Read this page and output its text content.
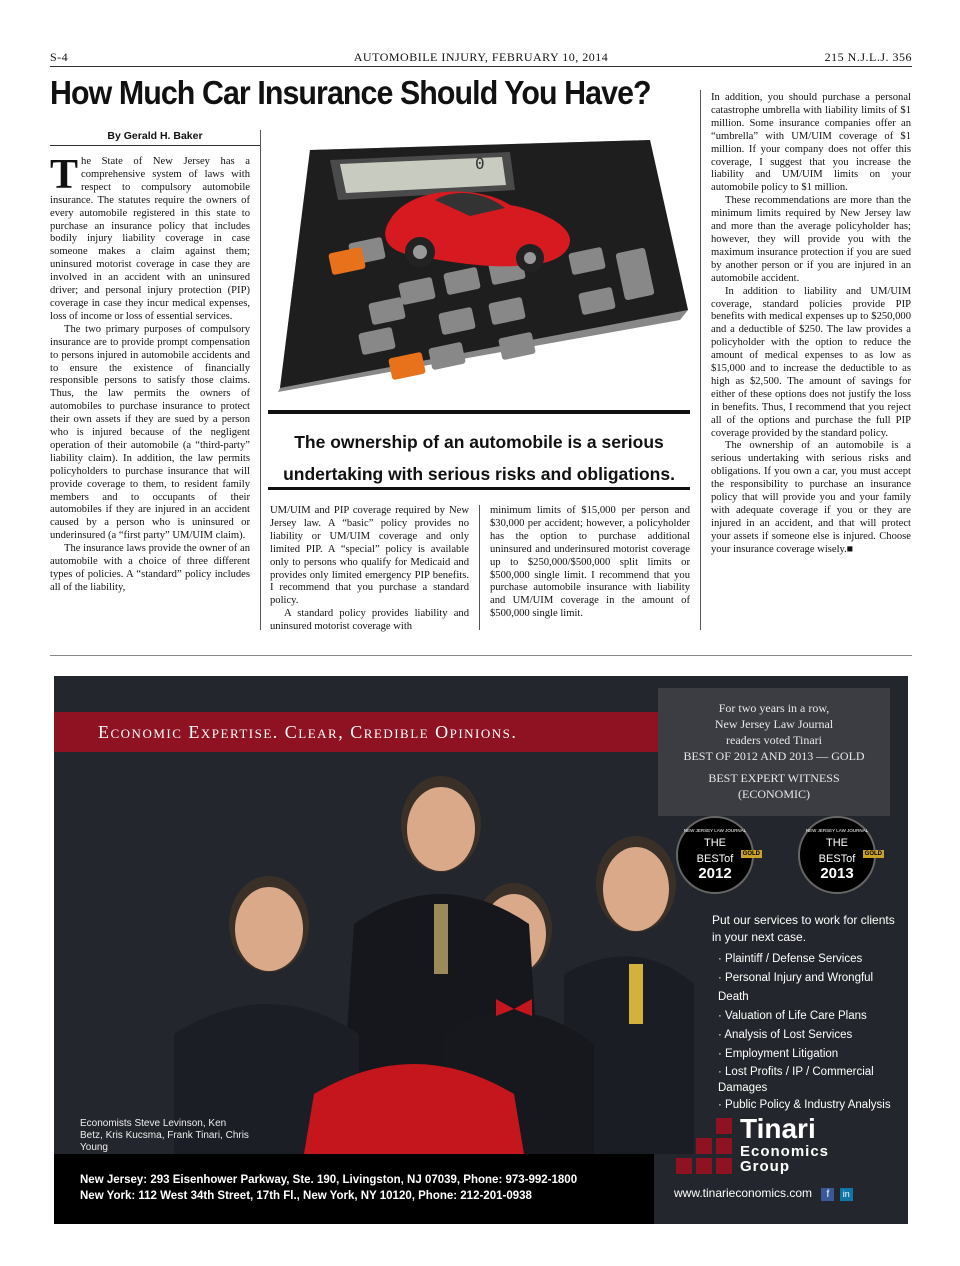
S-4	AUTOMOBILE INJURY, FEBRUARY 10, 2014	215 N.J.L.J. 356
How Much Car Insurance Should You Have?
By Gerald H. Baker

The State of New Jersey has a comprehensive system of laws with respect to compulsory automobile insurance. The statutes require the owners of every automobile registered in this state to purchase an insurance policy that includes bodily injury liability coverage in case someone makes a claim against them; uninsured motorist coverage in case they are involved in an accident with an uninsured driver; and personal injury protection (PIP) coverage in case they incur medical expenses, loss of income or loss of essential services.

The two primary purposes of compulsory insurance are to provide prompt compensation to persons injured in automobile accidents and to ensure the existence of financially responsible persons to satisfy those claims. Thus, the law permits the owners of automobiles to purchase insurance to protect their own assets if they are sued by a person who is injured because of the negligent operation of their automobile (a “third-party” liability claim). In addition, the law permits policyholders to purchase insurance that will provide coverage to them, to resident family members and to occupants of their automobiles if they are injured in an accident caused by a person who is uninsured or underinsured (a “first party” UM/UIM claim).

The insurance laws provide the owner of an automobile with a choice of three different types of policies. A “standard” policy includes all of the liability,

0
The ownership of an automobile is a serious undertaking with serious risks and obligations.

UM/UIM and PIP coverage required by New Jersey law. A “basic” policy provides no liability or UM/UIM coverage and only limited PIP. A “special” policy is available only to persons who qualify for Medicaid and provides only limited emergency PIP benefits. I recommend that you purchase a standard policy.

A standard policy provides liability and uninsured motorist coverage with

minimum limits of $15,000 per person and $30,000 per accident; however, a policyholder has the option to purchase additional uninsured and underinsured motorist coverage up to $250,000/$500,000 split limits or $500,000 single limit. I recommend that you purchase automobile insurance with liability and UM/UIM coverage in the amount of $500,000 single limit.

In addition, you should purchase a personal catastrophe umbrella with liability limits of $1 million. Some insurance companies offer an “umbrella” with UM/UIM coverage of $1 million. If your company does not offer this coverage, I suggest that you increase the liability and UM/UIM limits on your automobile policy to $1 million.

These recommendations are more than the minimum limits required by New Jersey law and more than the average policyholder has; however, they will provide you with the maximum insurance protection if you are sued by another person or if you are injured in an automobile accident.

In addition to liability and UM/UIM coverage, standard policies provide PIP benefits with medical expenses up to $250,000 and a deductible of $250. The law provides a policyholder with the option to reduce the amount of medical expenses to as low as $15,000 and to increase the deductible to as high as $2,500. The amount of savings for either of these options does not justify the loss in benefits. Thus, I recommend that you reject all of the options and purchase the full PIP coverage provided by the standard policy.

The ownership of an automobile is a serious undertaking with serious risks and obligations. If you own a car, you must accept the responsibility to purchase an insurance policy that will provide you and your family with adequate coverage if you or they are injured in an accident, and that will protect your assets if someone else is injured. Choose your insurance coverage wisely.■

Economic Expertise. Clear, Credible Opinions.
For two years in a row,
New Jersey Law Journal
readers voted Tinari
BEST OF 2012 AND 2013 — GOLD
BEST EXPERT WITNESS
(ECONOMIC)
NEW JERSEY LAW JOURNAL
THE
BESTof
2012
GOLD
NEW JERSEY LAW JOURNAL
THE
BESTof
2013
GOLD
Put our services to work for clients in your next case.
· Plaintiff / Defense Services
· Personal Injury and Wrongful Death
· Valuation of Life Care Plans
· Analysis of Lost Services
· Employment Litigation
· Lost Profits / IP / Commercial Damages
· Public Policy & Industry Analysis
Economists Steve Levinson, Ken Betz, Kris Kucsma, Frank Tinari, Chris Young
New Jersey: 293 Eisenhower Parkway, Ste. 190, Livingston, NJ 07039, Phone: 973-992-1800
New York: 112 West 34th Street, 17th Fl., New York, NY 10120, Phone: 212-201-0938
Tinari
Economics
Group
www.tinarieconomics.com f in
